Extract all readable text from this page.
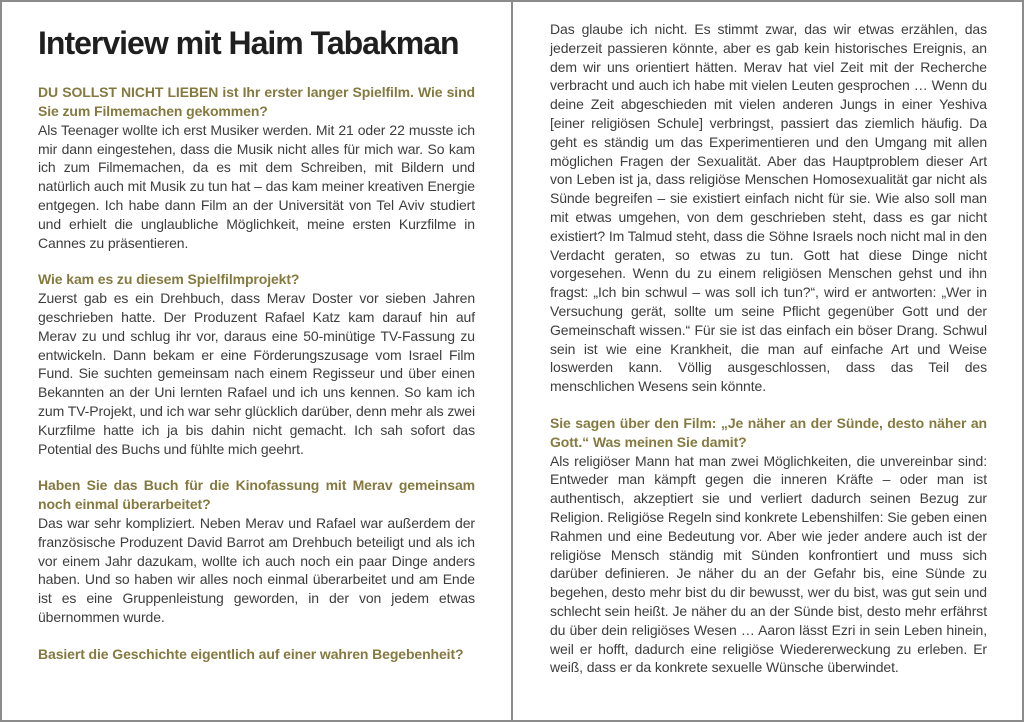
Interview mit Haim Tabakman

DU SOLLST NICHT LIEBEN ist Ihr erster langer Spielfilm. Wie sind Sie zum Filmemachen gekommen?

Als Teenager wollte ich erst Musiker werden. Mit 21 oder 22 musste ich mir dann eingestehen, dass die Musik nicht alles für mich war. So kam ich zum Filmemachen, da es mit dem Schreiben, mit Bildern und natürlich auch mit Musik zu tun hat – das kam meiner kreativen Energie entgegen. Ich habe dann Film an der Universität von Tel Aviv studiert und erhielt die unglaubliche Möglichkeit, meine ersten Kurzfilme in Cannes zu präsentieren.

Wie kam es zu diesem Spielfilmprojekt?

Zuerst gab es ein Drehbuch, dass Merav Doster vor sieben Jahren geschrieben hatte. Der Produzent Rafael Katz kam darauf hin auf Merav zu und schlug ihr vor, daraus eine 50-minütige TV-Fassung zu entwickeln. Dann bekam er eine Förderungszusage vom Israel Film Fund. Sie suchten gemeinsam nach einem Regisseur und über einen Bekannten an der Uni lernten Rafael und ich uns kennen. So kam ich zum TV-Projekt, und ich war sehr glücklich darüber, denn mehr als zwei Kurzfilme hatte ich ja bis dahin nicht gemacht. Ich sah sofort das Potential des Buchs und fühlte mich geehrt.

Haben Sie das Buch für die Kinofassung mit Merav gemeinsam noch einmal überarbeitet?

Das war sehr kompliziert. Neben Merav und Rafael war außerdem der französische Produzent David Barrot am Drehbuch beteiligt und als ich vor einem Jahr dazukam, wollte ich auch noch ein paar Dinge anders haben. Und so haben wir alles noch einmal überarbeitet und am Ende ist es eine Gruppenleistung geworden, in der von jedem etwas übernommen wurde.

Basiert die Geschichte eigentlich auf einer wahren Begebenheit?

Das glaube ich nicht. Es stimmt zwar, das wir etwas erzählen, das jederzeit passieren könnte, aber es gab kein historisches Ereignis, an dem wir uns orientiert hätten. Merav hat viel Zeit mit der Recherche verbracht und auch ich habe mit vielen Leuten gesprochen … Wenn du deine Zeit abgeschieden mit vielen anderen Jungs in einer Yeshiva [einer religiösen Schule] verbringst, passiert das ziemlich häufig. Da geht es ständig um das Experimentieren und den Umgang mit allen möglichen Fragen der Sexualität. Aber das Hauptproblem dieser Art von Leben ist ja, dass religiöse Menschen Homosexualität gar nicht als Sünde begreifen – sie existiert einfach nicht für sie. Wie also soll man mit etwas umgehen, von dem geschrieben steht, dass es gar nicht existiert? Im Talmud steht, dass die Söhne Israels noch nicht mal in den Verdacht geraten, so etwas zu tun. Gott hat diese Dinge nicht vorgesehen. Wenn du zu einem religiösen Menschen gehst und ihn fragst: „Ich bin schwul – was soll ich tun?“, wird er antworten: „Wer in Versuchung gerät, sollte um seine Pflicht gegenüber Gott und der Gemeinschaft wissen.“ Für sie ist das einfach ein böser Drang. Schwul sein ist wie eine Krankheit, die man auf einfache Art und Weise loswerden kann. Völlig ausgeschlossen, dass das Teil des menschlichen Wesens sein könnte.

Sie sagen über den Film: „Je näher an der Sünde, desto näher an Gott.“ Was meinen Sie damit?

Als religiöser Mann hat man zwei Möglichkeiten, die unvereinbar sind: Entweder man kämpft gegen die inneren Kräfte – oder man ist authentisch, akzeptiert sie und verliert dadurch seinen Bezug zur Religion. Religiöse Regeln sind konkrete Lebenshilfen: Sie geben einen Rahmen und eine Bedeutung vor. Aber wie jeder andere auch ist der religiöse Mensch ständig mit Sünden konfrontiert und muss sich darüber definieren. Je näher du an der Gefahr bis, eine Sünde zu begehen, desto mehr bist du dir bewusst, wer du bist, was gut sein und schlecht sein heißt. Je näher du an der Sünde bist, desto mehr erfährst du über dein religiöses Wesen … Aaron lässt Ezri in sein Leben hinein, weil er hofft, dadurch eine religiöse Wiedererweckung zu erleben. Er weiß, dass er da konkrete sexuelle Wünsche überwindet.
